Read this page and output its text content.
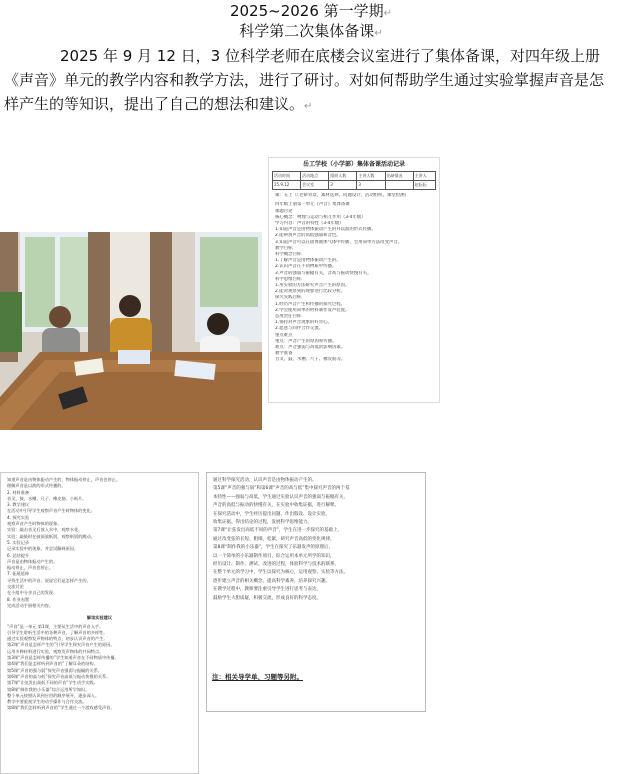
2025~2026 第一学期↵
科学第二次集体备课↵
2025 年 9 月 12 日，3 位科学老师在底楼会议室进行了集体备课，对四年级上册《声音》单元的教学内容和教学方法，进行了研讨。对如何帮助学生通过实验掌握声音是怎样产生的等知识，提出了自己的想法和建议。↵
岳工学校（小学部）集体备课活动记录
活动时间	活动地点	组织人数	主讲人数	出缺情况	主讲人
25.9.12	会议室	3	3		赵耘耘
课：五上（（老研背景、素材选择、问题设计、活动组织、课堂检测）
四年级上册第一单元《声音》集体备课
课题讨论
核心概念：物理与运动与相互作用（3-4年级）
学习内容：声音的特性（3-4年级）
1.知道声音是由物体振动产生的并以波的形式传播。
2.能辨别声音的高低强弱和音色。
3.知道声音可以在固体液体气体中传播，会用简单方法改变声音。
教学目标
科学概念目标
1.了解声音是由物体振动产生的。
2.认识声音在不同物质中传播。
3.声音的强弱与振幅有关，音高与振动快慢有关。
科学思维目标
1.用实验的方法研究声音产生的原因。
2.能对观察到的现象进行比较分析。
探究实践目标
1.经历声音产生和传播的探究过程。
2.学会使用简单的材料制作发声装置。
态度责任目标
1.保持对声音现象的好奇心。
2.愿意与同伴合作交流。
重点难点
重点：声音产生的原因和传播。
难点：声音强弱与高低的影响因素。
教学准备
音叉、鼓、水槽、尺子、橡皮筋等。
知道声音是由物体振动产生的，物体振动停止，声音也停止。
理解声音是以波的形式传播的。
2. 材料准备
音叉、鼓、水槽、尺子、橡皮筋、小纸片。
3. 教学建议
在活动中引导学生观察声音产生时物体的变化。
4. 探究实验
观察声音产生时物体的现象。
实验：敲击音叉后放入水中，观察水花。
实验：敲鼓时在鼓面放纸屑，观察纸屑的跳动。
5. 实验记录
记录实验中的现象，并尝试解释原因。
6. 总结提升
声音是由物体振动产生的。
振动停止，声音也停止。
7. 拓展延伸
寻找生活中的声音，说说它们是怎样产生的。
交流讨论
在小组中分享自己的发现。
8. 作业布置
完成活动手册相关内容。
解读实验建议
“声音”是一单元 第1课，主要从生活中的声音入手。
引导学生聆听生活中的各种声音，了解声音的多样性。
通过实验观察发声物体的特点，初步认识声音的产生。
第2课“声音是怎样产生的”引导学生探究声音产生的原因。
运用多种材料进行实验，观察发声物体的共同特点。
第3课“声音是怎样传播的”学生知道声音在不同物质中传播。
第4课“我们是怎样听到声音的”了解耳朵的结构。
第5课“声音的强与弱”探究声音强弱与振幅的关系。
第6课“声音的高与低”探究声音高低与振动快慢的关系。
第7课“让弦发出高低不同的声音”学生动手实践。
第8课“制作我的小乐器”综合运用所学知识。
整个单元按照认识到应用的顺序展开，逐步深入。
教学中要重视学生的动手操作与合作交流。
第8课“我们怎样听到声音的”学生通过一个游戏感受声音。
通过科学探究活动，认识声音是由物体振动产生的。
第5课“声音的强与弱”和第6课“声音的高与低”集中探究声音的两个基
本特性——强弱与高低，学生通过实验认识声音的强弱与振幅有关，
声音的高低与振动的快慢有关，在实验中收集证据，进行解释。
在探究活动中，学生经历提出问题、作出假设、设计实验、
收集证据、得出结论的过程，发展科学思维能力。
第7课“让弦发出高低不同的声音”，学生在进一步探究的基础上，
通过改变弦的长短、粗细、松紧，研究声音高低的变化规律。
第8课“制作我的小乐器”，学生在探究了乐器发声的原理后，
以一个简单的小乐器制作项目，综合运用本单元所学的知识，
经历设计、制作、测试、改进的过程，体验科学与技术的联系。
在整个单元的学习中，学生以探究为核心，运用观察、实验等方法，
逐步建立声音的相关概念，提高科学素养，培养探究兴趣。
在教学过程中，教师要注重引导学生进行思考与表达，
鼓励学生大胆质疑，积极交流，形成良好的科学态度。
注：相关导学单、习题等另附。
